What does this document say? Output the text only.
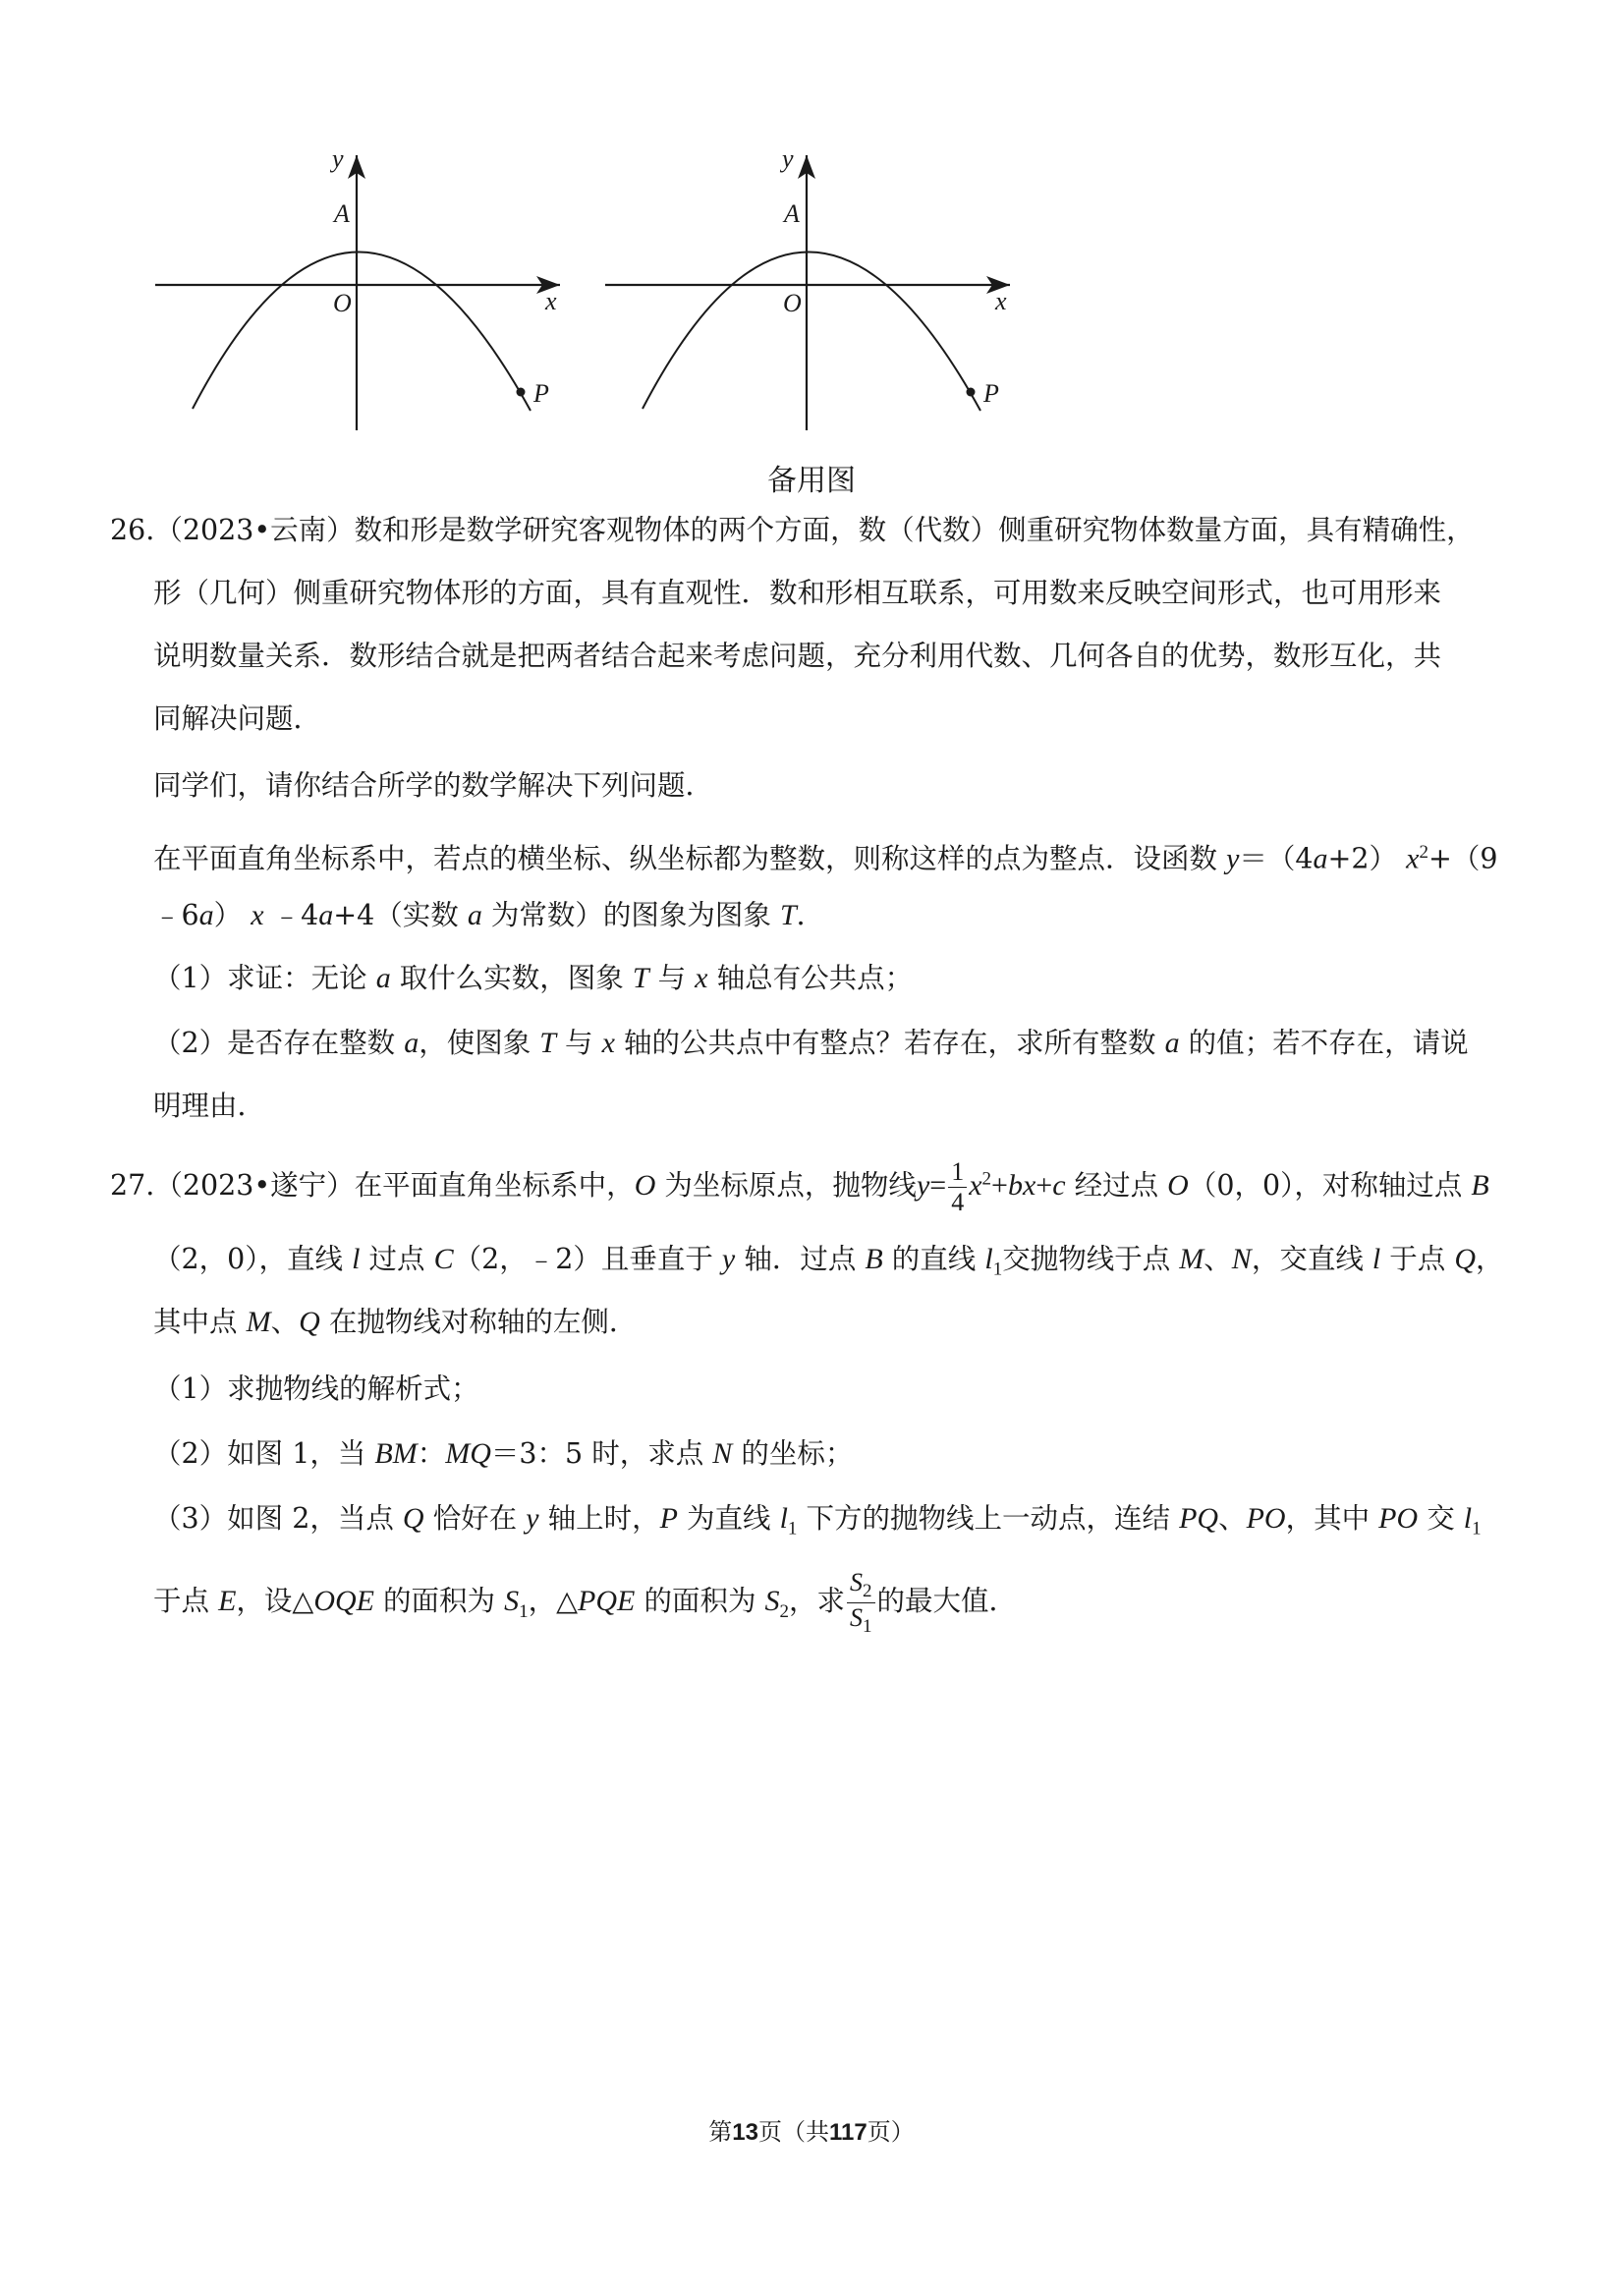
y
x
A
O
P
y
x
A
O
P
备用图
26.（2023•云南）数和形是数学研究客观物体的两个方面，数（代数）侧重研究物体数量方面，具有精确性，
形（几何）侧重研究物体形的方面，具有直观性．数和形相互联系，可用数来反映空间形式，也可用形来
说明数量关系．数形结合就是把两者结合起来考虑问题，充分利用代数、几何各自的优势，数形互化，共
同解决问题．
同学们，请你结合所学的数学解决下列问题．
在平面直角坐标系中，若点的横坐标、纵坐标都为整数，则称这样的点为整点．设函数 y＝（4a+2） $x^2+(9$
﹣6a） x ﹣4a+4（实数 a 为常数）的图象为图象 T．
（1）求证：无论 a 取什么实数，图象 T 与 x 轴总有公共点；
（2）是否存在整数 a，使图象 T 与 x 轴的公共点中有整点？若存在，求所有整数 a 的值；若不存在，请说
明理由．
27.（2023•遂宁）在平面直角坐标系中，O 为坐标原点，抛物线$y= \frac{1}{4} x^2+bx+c$ 经过点 O（0，0），对称轴过点 B
（2，0），直线 l 过点 C（2，﹣2）且垂直于 y 轴．过点 B 的直线 $l_1$交抛物线于点 M、N，交直线 l 于点 Q，
其中点 M、Q 在抛物线对称轴的左侧．
（1）求抛物线的解析式；
（2）如图 1，当 BM：MQ＝3：5 时，求点 N 的坐标；
（3）如图 2，当点 Q 恰好在 y 轴上时，P 为直线 $l_1$ 下方的抛物线上一动点，连结 PQ、PO，其中 PO 交 $l_1$
于点 E，设△OQE 的面积为 $S_1$，△PQE 的面积为 $S_2$，求 $\frac{S_2}{S_1}$ 的最大值．
第13页（共117页）
